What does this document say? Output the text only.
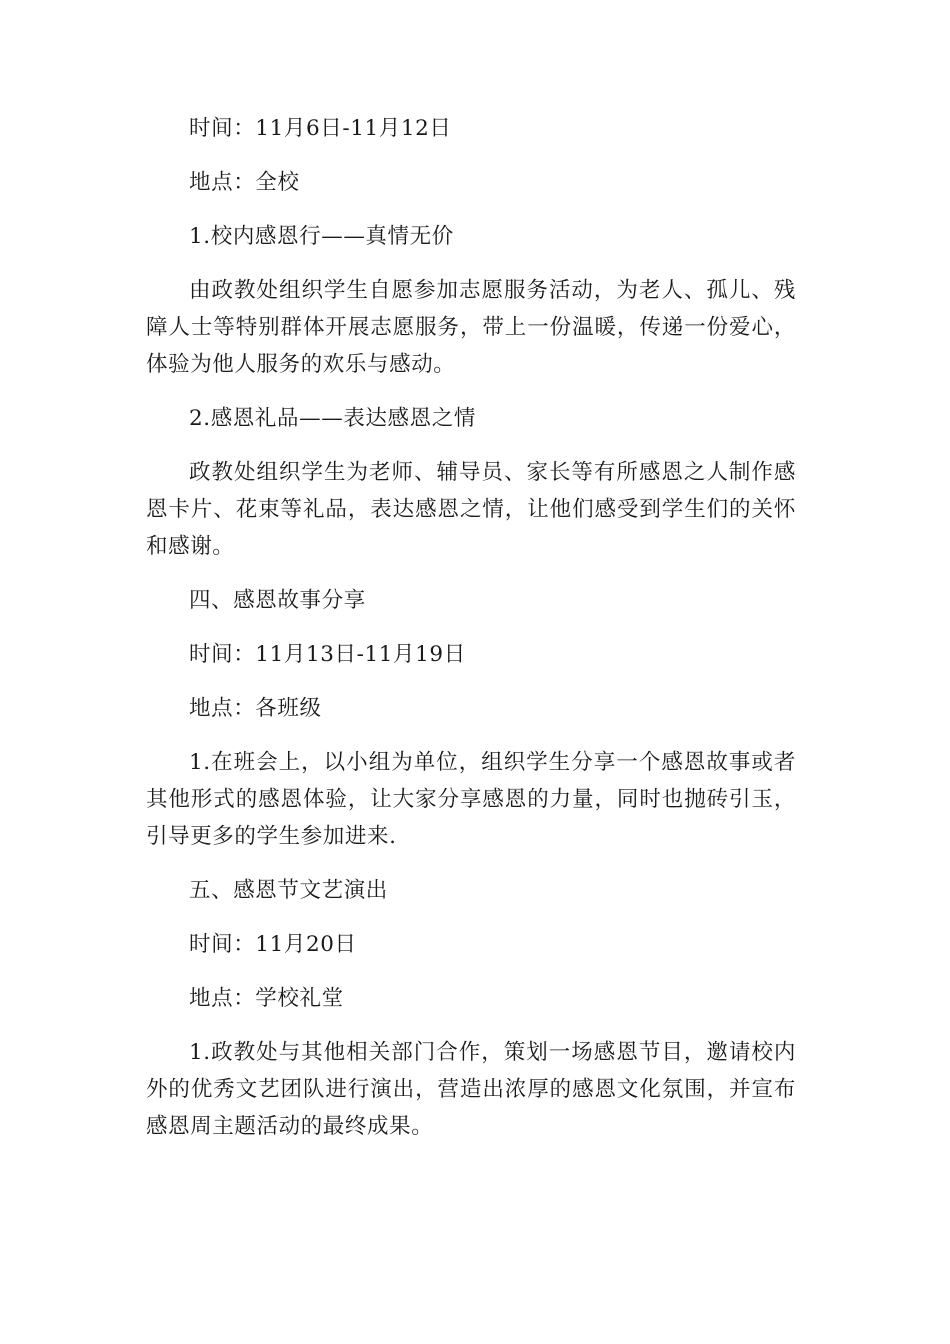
时间：11月6日-11月12日

地点：全校

1.校内感恩行——真情无价

由政教处组织学生自愿参加志愿服务活动，为老人、孤儿、残障人士等特别群体开展志愿服务，带上一份温暖，传递一份爱心，体验为他人服务的欢乐与感动。

2.感恩礼品——表达感恩之情

政教处组织学生为老师、辅导员、家长等有所感恩之人制作感恩卡片、花束等礼品，表达感恩之情，让他们感受到学生们的关怀和感谢。

四、感恩故事分享

时间：11月13日-11月19日

地点：各班级

1.在班会上，以小组为单位，组织学生分享一个感恩故事或者其他形式的感恩体验，让大家分享感恩的力量，同时也抛砖引玉，引导更多的学生参加进来.

五、感恩节文艺演出

时间：11月20日

地点：学校礼堂

1.政教处与其他相关部门合作，策划一场感恩节目，邀请校内外的优秀文艺团队进行演出，营造出浓厚的感恩文化氛围，并宣布感恩周主题活动的最终成果。
